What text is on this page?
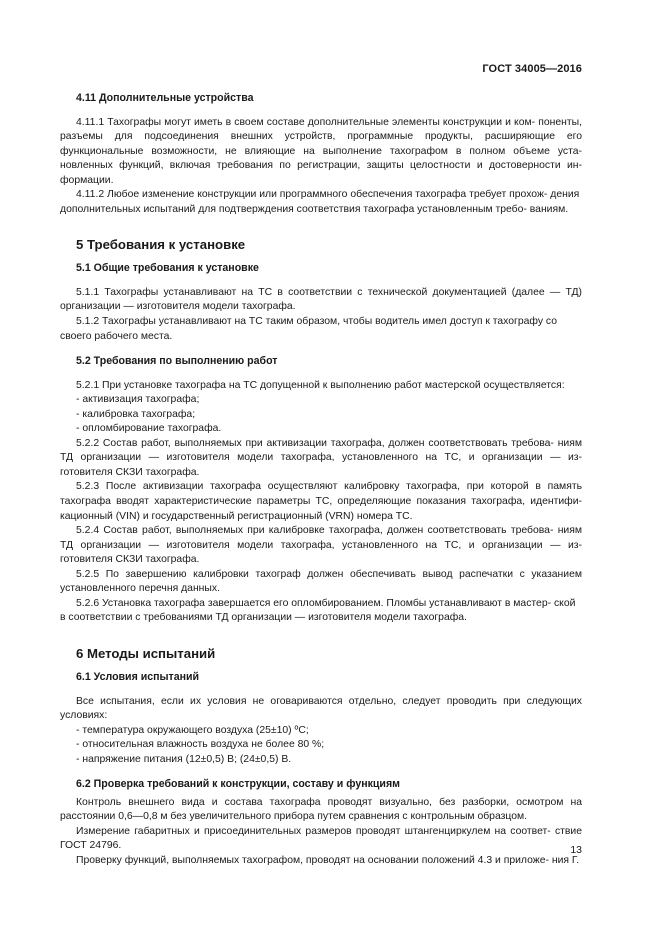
ГОСТ 34005—2016
4.11 Дополнительные устройства

4.11.1 Тахографы могут иметь в своем составе дополнительные элементы конструкции и ком- поненты, разъемы для подсоединения внешних устройств, программные продукты, расширяющие его функциональные возможности, не влияющие на выполнение тахографом в полном объеме уста- новленных функций, включая требования по регистрации, защиты целостности и достоверности ин- формации.

4.11.2 Любое изменение конструкции или программного обеспечения тахографа требует прохож- дения дополнительных испытаний для подтверждения соответствия тахографа установленным требо- ваниям.

5 Требования к установке
5.1 Общие требования к установке

5.1.1 Тахографы устанавливают на ТС в соответствии с технической документацией (далее — ТД) организации — изготовителя модели тахографа.

5.1.2 Тахографы устанавливают на ТС таким образом, чтобы водитель имел доступ к тахографу со своего рабочего места.

5.2 Требования по выполнению работ

5.2.1 При установке тахографа на ТС допущенной к выполнению работ мастерской осуществляется:

- активизация тахографа;
- калибровка тахографа;
- опломбирование тахографа.

5.2.2 Состав работ, выполняемых при активизации тахографа, должен соответствовать требова- ниям ТД организации — изготовителя модели тахографа, установленного на ТС, и организации — из- готовителя СКЗИ тахографа.

5.2.3 После активизации тахографа осуществляют калибровку тахографа, при которой в память тахографа вводят характеристические параметры ТС, определяющие показания тахографа, идентифи- кационный (VIN) и государственный регистрационный (VRN) номера ТС.

5.2.4 Состав работ, выполняемых при калибровке тахографа, должен соответствовать требова- ниям ТД организации — изготовителя модели тахографа, установленного на ТС, и организации — из- готовителя СКЗИ тахографа.

5.2.5 По завершению калибровки тахограф должен обеспечивать вывод распечатки с указанием установленного перечня данных.

5.2.6 Установка тахографа завершается его опломбированием. Пломбы устанавливают в мастер- ской в соответствии с требованиями ТД организации — изготовителя модели тахографа.

6 Методы испытаний
6.1 Условия испытаний

Все испытания, если их условия не оговариваются отдельно, следует проводить при следующих условиях:

- температура окружающего воздуха (25±10) ºС;
- относительная влажность воздуха не более 80 %;
- напряжение питания (12±0,5) В; (24±0,5) В.
6.2 Проверка требований к конструкции, составу и функциям

Контроль внешнего вида и состава тахографа проводят визуально, без разборки, осмотром на расстоянии 0,6—0,8 м без увеличительного прибора путем сравнения с контрольным образцом.

Измерение габаритных и присоединительных размеров проводят штангенциркулем на соответ- ствие ГОСТ 24796.

Проверку функций, выполняемых тахографом, проводят на основании положений 4.3 и приложе- ния Г.

13
